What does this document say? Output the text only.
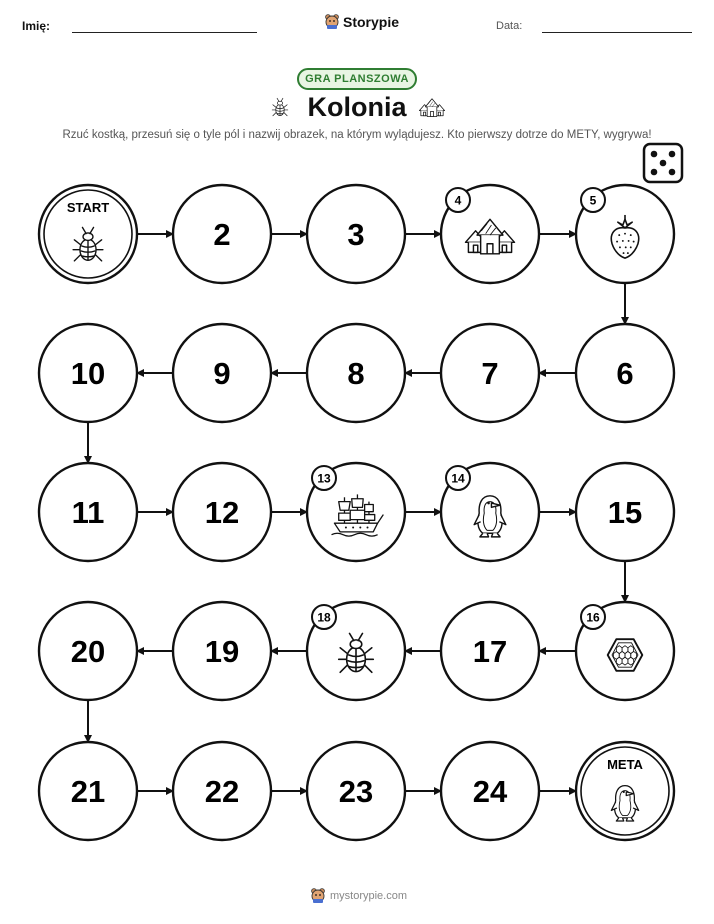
Imię:	Storypie	Data:
GRA PLANSZOWA
Kolonia
Rzuć kostką, przesuń się o tyle pól i nazwij obrazek, na którym wylądujesz. Kto pierwszy dotrze do METY, wygrywa!
START
2	3
4	5
10	9	8	7	6
11	12
13	14
15
20	19
18
17
16
21	22	23	24
META
mystorypie.com
